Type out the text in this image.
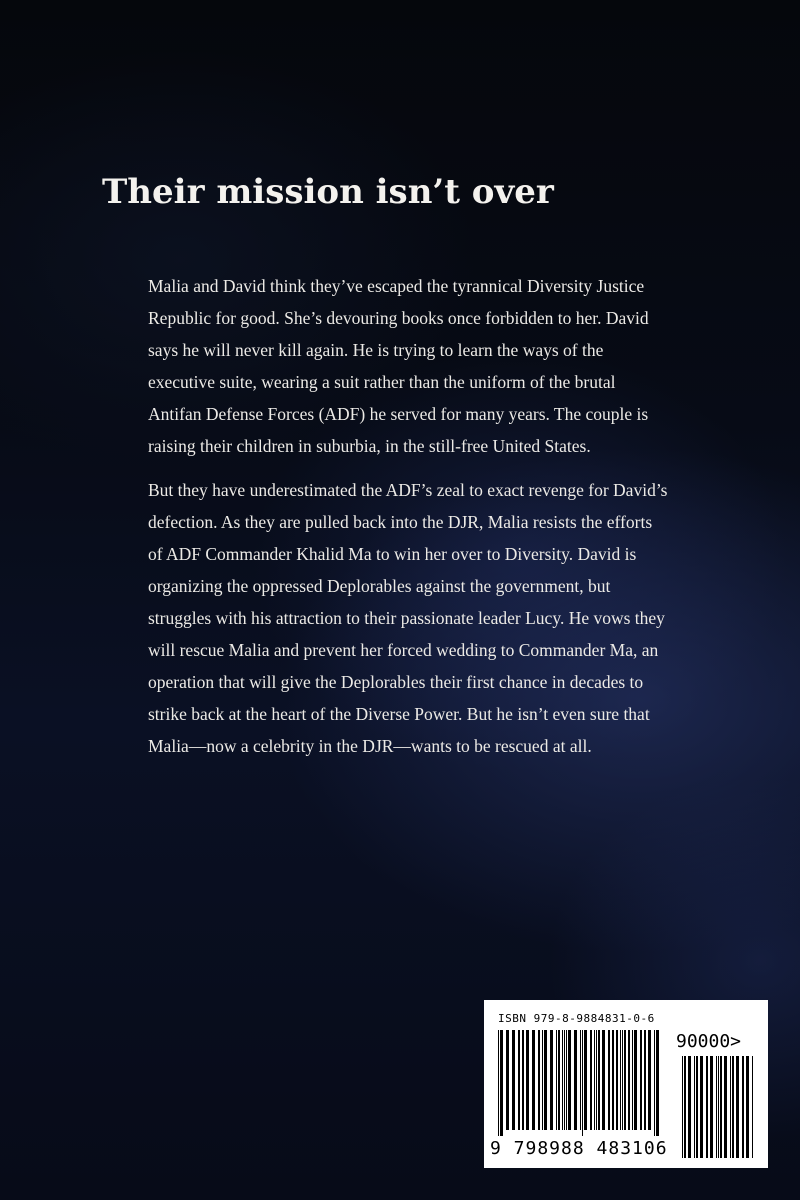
Their mission isn’t over

Malia and David think they’ve escaped the tyrannical Diversity Justice Republic for good. She’s devouring books once forbidden to her. David says he will never kill again. He is trying to learn the ways of the executive suite, wearing a suit rather than the uniform of the brutal Antifan Defense Forces (ADF) he served for many years. The couple is raising their children in suburbia, in the still-free United States.

But they have underestimated the ADF’s zeal to exact revenge for David’s defection. As they are pulled back into the DJR, Malia resists the efforts of ADF Commander Khalid Ma to win her over to Diversity. David is organizing the oppressed Deplorables against the government, but struggles with his attraction to their passionate leader Lucy. He vows they will rescue Malia and prevent her forced wedding to Commander Ma, an operation that will give the Deplorables their first chance in decades to strike back at the heart of the Diverse Power. But he isn’t even sure that Malia—now a celebrity in the DJR—wants to be rescued at all.

ISBN 979-8-9884831-0-6
90000>
9 798988 483106
